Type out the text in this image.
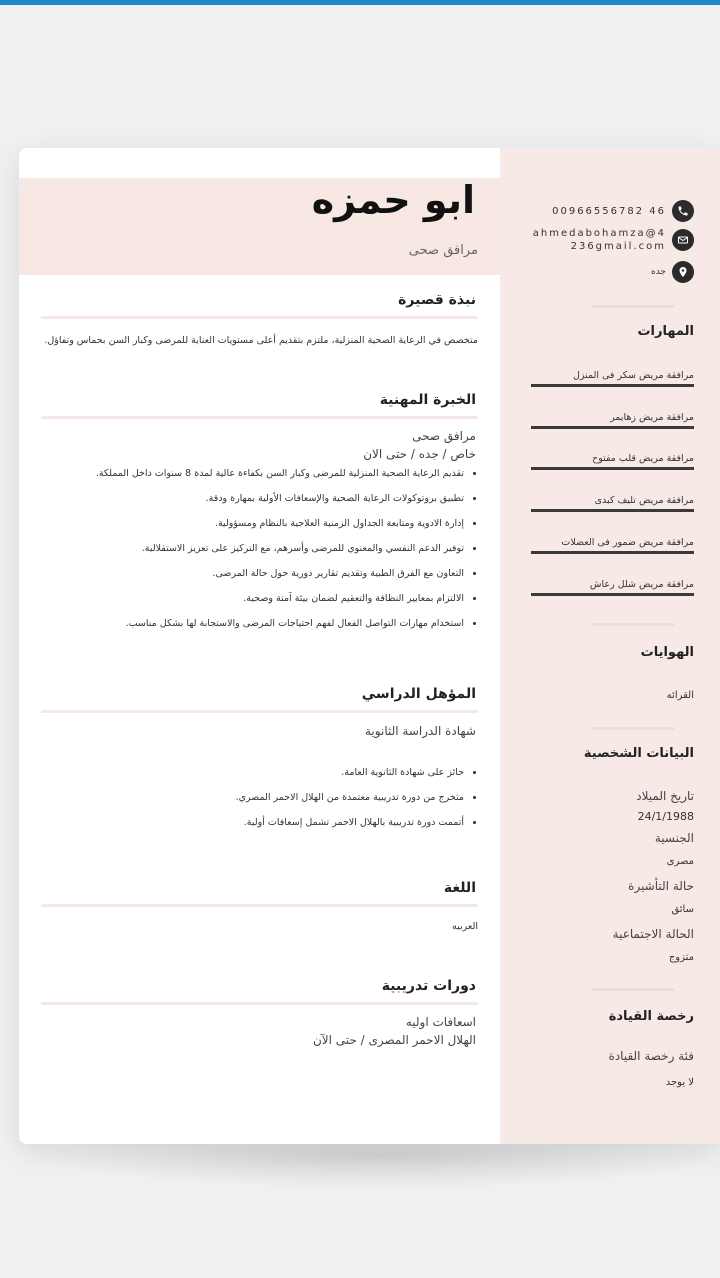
ابو حمزه
مرافق صحى
نبذة قصيرة
متخصص في الرعاية الصحية المنزلية، ملتزم بتقديم أعلى مستويات العناية للمرضى وكبار السن بحماس وتفاؤل.
الخبرة المهنية
مرافق صحى
خاص / جده / حتى الان
• تقديم الرعاية الصحية المنزلية للمرضى وكبار السن بكفاءة عالية لمدة 8 سنوات داخل المملكة.
• تطبيق بروتوكولات الرعاية الصحية والإسعافات الأولية بمهارة ودقة.
• إدارة الادوية ومتابعة الجداول الزمنية العلاجية بالنظام ومسؤولية.
• توفير الدعم النفسي والمعنوي للمرضى وأسرهم، مع التركيز على تعزيز الاستقلالية.
• التعاون مع الفرق الطبية وتقديم تقارير دورية حول حالة المرضى.
• الالتزام بمعايير النظافة والتعقيم لضمان بيئة آمنة وصحية.
• استخدام مهارات التواصل الفعال لفهم احتياجات المرضى والاستجابة لها بشكل مناسب.
المؤهل الدراسي
شهادة الدراسة الثانوية
• حائز على شهادة الثانوية العامة.
• متخرج من دورة تدريبية معتمدة من الهلال الاحمر المصري.
• أتممت دورة تدريبية بالهلال الاحمر تشمل إسعافات أولية.
اللغة
العربيه
دورات تدريبية
اسعافات اوليه
الهلال الاحمر المصرى / حتى الآن
00966556782 46
ahmedabohamza@4
236gmail.com
جده
المهارات
مرافقة مريض سكر فى المنزل
مرافقة مريض زهايمر
مرافقة مريض قلب مفتوح
مرافقة مريض تليف كبدى
مرافقة مريض ضمور فى العضلات
مرافقة مريض شلل رعاش
الهوايات
القرائه
البيانات الشخصية
تاريخ الميلاد
24/1/1988
الجنسية
مصرى
حالة التأشيرة
سائق
الحالة الاجتماعية
متزوج
رخصة القيادة
فئة رخصة القيادة
لا يوجد
